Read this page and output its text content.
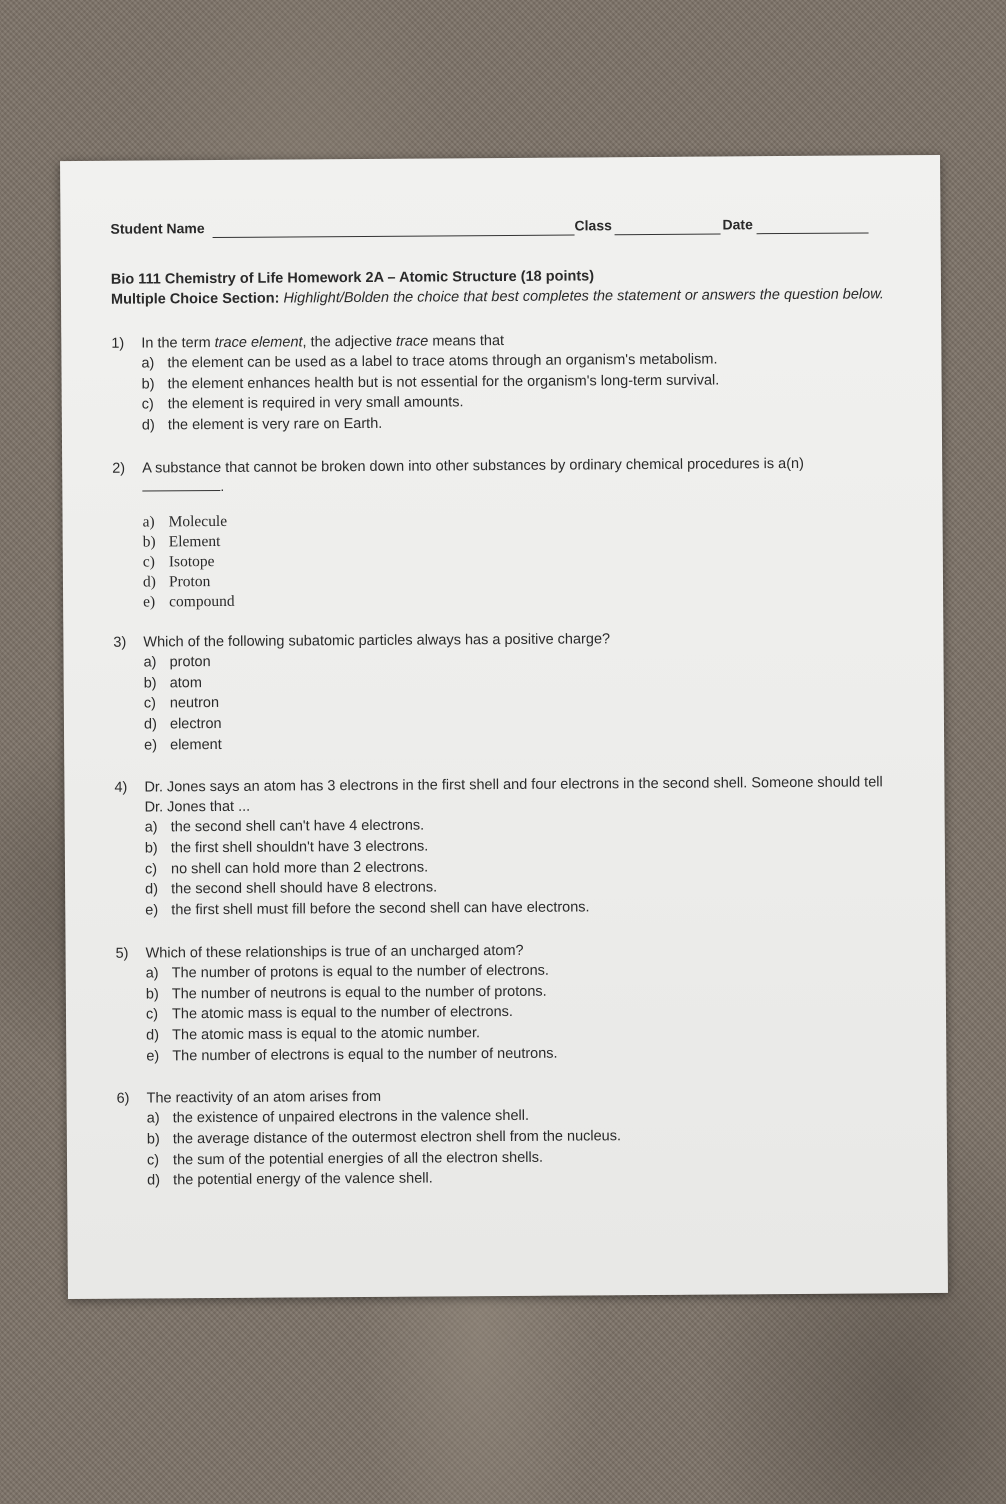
Student Name	Class	Date
Bio 111 Chemistry of Life Homework 2A – Atomic Structure (18 points)
Multiple Choice Section: Highlight/Bolden the choice that best completes the statement or answers the question below.
1)	In the term trace element, the adjective trace means that
a) the element can be used as a label to trace atoms through an organism's metabolism.
b) the element enhances health but is not essential for the organism's long-term survival.
c) the element is required in very small amounts.
d) the element is very rare on Earth.
2)	A substance that cannot be broken down into other substances by ordinary chemical procedures is a(n)
.
a) Molecule
b) Element
c) Isotope
d) Proton
e) compound
3)	Which of the following subatomic particles always has a positive charge?
a) proton
b) atom
c) neutron
d) electron
e) element
4)	Dr. Jones says an atom has 3 electrons in the first shell and four electrons in the second shell. Someone should tell Dr. Jones that ...
a) the second shell can't have 4 electrons.
b) the first shell shouldn't have 3 electrons.
c) no shell can hold more than 2 electrons.
d) the second shell should have 8 electrons.
e) the first shell must fill before the second shell can have electrons.
5)	Which of these relationships is true of an uncharged atom?
a) The number of protons is equal to the number of electrons.
b) The number of neutrons is equal to the number of protons.
c) The atomic mass is equal to the number of electrons.
d) The atomic mass is equal to the atomic number.
e) The number of electrons is equal to the number of neutrons.
6)	The reactivity of an atom arises from
a) the existence of unpaired electrons in the valence shell.
b) the average distance of the outermost electron shell from the nucleus.
c) the sum of the potential energies of all the electron shells.
d) the potential energy of the valence shell.
